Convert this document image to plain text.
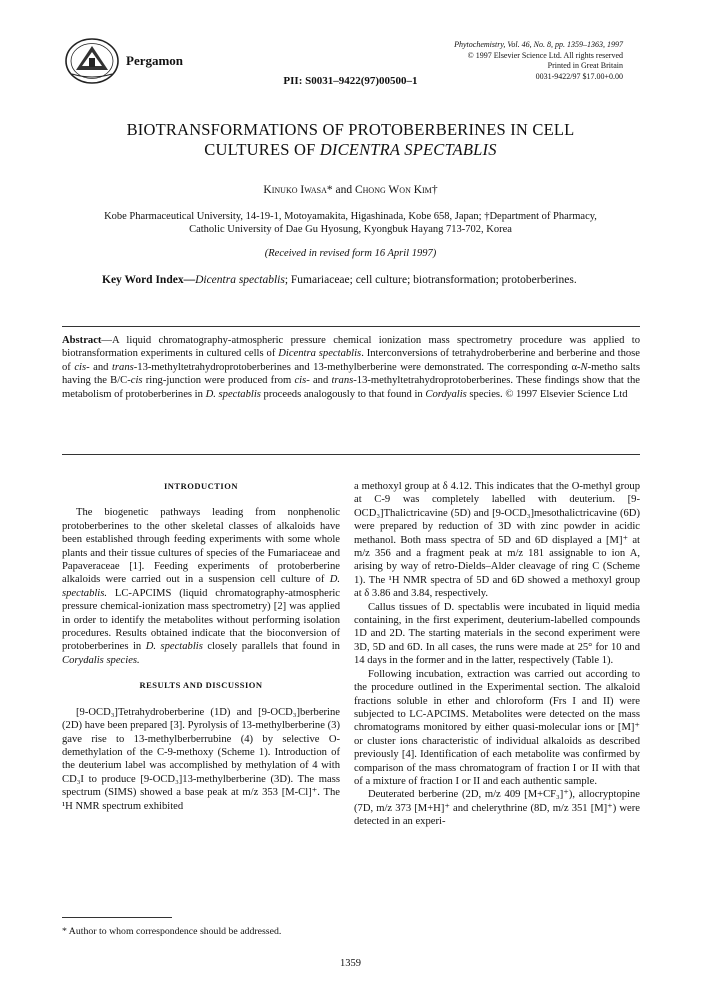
Pergamon
Phytochemistry, Vol. 46, No. 8, pp. 1359–1363, 1997
© 1997 Elsevier Science Ltd. All rights reserved
Printed in Great Britain
0031-9422/97 $17.00+0.00
PII: S0031–9422(97)00500–1
BIOTRANSFORMATIONS OF PROTOBERBERINES IN CELL
CULTURES OF DICENTRA SPECTABLIS
Kinuko Iwasa* and Chong Won Kim†
Kobe Pharmaceutical University, 14-19-1, Motoyamakita, Higashinada, Kobe 658, Japan; †Department of Pharmacy,
Catholic University of Dae Gu Hyosung, Kyongbuk Hayang 713-702, Korea
(Received in revised form 16 April 1997)
Key Word Index—Dicentra spectablis; Fumariaceae; cell culture; biotransformation; protoberberines.
Abstract—A liquid chromatography-atmospheric pressure chemical ionization mass spectrometry procedure was applied to biotransformation experiments in cultured cells of Dicentra spectablis. Interconversions of tetrahydroberberine and berberine and those of cis- and trans-13-methyltetrahydroprotoberberines and 13-methylberberine were demonstrated. The corresponding α-N-metho salts having the B/C-cis ring-junction were produced from cis- and trans-13-methyltetrahydroprotoberberines. These findings show that the metabolism of protoberberines in D. spectablis proceeds analogously to that found in Cordyalis species. © 1997 Elsevier Science Ltd
INTRODUCTION

The biogenetic pathways leading from nonphenolic protoberberines to the other skeletal classes of alkaloids have been established through feeding experiments with some whole plants and their tissue cultures of species of the Fumariaceae and Papaveraceae [1]. Feeding experiments of protoberberine alkaloids were carried out in a suspension cell culture of D. spectablis. LC-APCIMS (liquid chromatography-atmospheric pressure chemical-ionization mass spectrometry) [2] was applied in order to identify the metabolites without performing isolation procedures. Results obtained indicate that the bioconversion of protoberberines in D. spectablis closely parallels that found in Corydalis species.

RESULTS AND DISCUSSION

[9-OCD₃]Tetrahydroberberine (1D) and [9-OCD₃]berberine (2D) have been prepared [3]. Pyrolysis of 13-methylberberine (3) gave rise to 13-methylberberrubine (4) by selective O-demethylation of the C-9-methoxy (Scheme 1). Introduction of the deuterium label was accomplished by methylation of 4 with CD₃I to produce [9-OCD₃]13-methylberberine (3D). The mass spectrum (SIMS) showed a base peak at m/z 353 [M-Cl]⁺. The ¹H NMR spectrum exhibited

a methoxyl group at δ 4.12. This indicates that the O-methyl group at C-9 was completely labelled with deuterium. [9-OCD₃]Thalictricavine (5D) and [9-OCD₃]mesothalictricavine (6D) were prepared by reduction of 3D with zinc powder in acidic methanol. Both mass spectra of 5D and 6D displayed a [M]⁺ at m/z 356 and a fragment peak at m/z 181 assignable to ion A, arising by way of retro-Dields–Alder cleavage of ring C (Scheme 1). The ¹H NMR spectra of 5D and 6D showed a methoxyl group at δ 3.86 and 3.84, respectively.

Callus tissues of D. spectablis were incubated in liquid media containing, in the first experiment, deuterium-labelled compounds 1D and 2D. The starting materials in the second experiment were 3D, 5D and 6D. In all cases, the runs were made at 25° for 10 and 14 days in the former and in the latter, respectively (Table 1).

Following incubation, extraction was carried out according to the procedure outlined in the Experimental section. The alkaloid fractions soluble in ether and chloroform (Frs I and II) were subjected to LC-APCIMS. Metabolites were detected on the mass chromatograms monitored by either quasi-molecular ions or [M]⁺ or cluster ions characteristic of individual alkaloids as described previously [4]. Identification of each metabolite was confirmed by comparison of the mass chromatogram of fraction I or II with that of a mixture of fraction I or II and each authentic sample.

Deuterated berberine (2D, m/z 409 [M+CF₃]⁺), allocryptopine (7D, m/z 373 [M+H]⁺ and chelerythrine (8D, m/z 351 [M]⁺) were detected in an experi-

* Author to whom correspondence should be addressed.
1359
